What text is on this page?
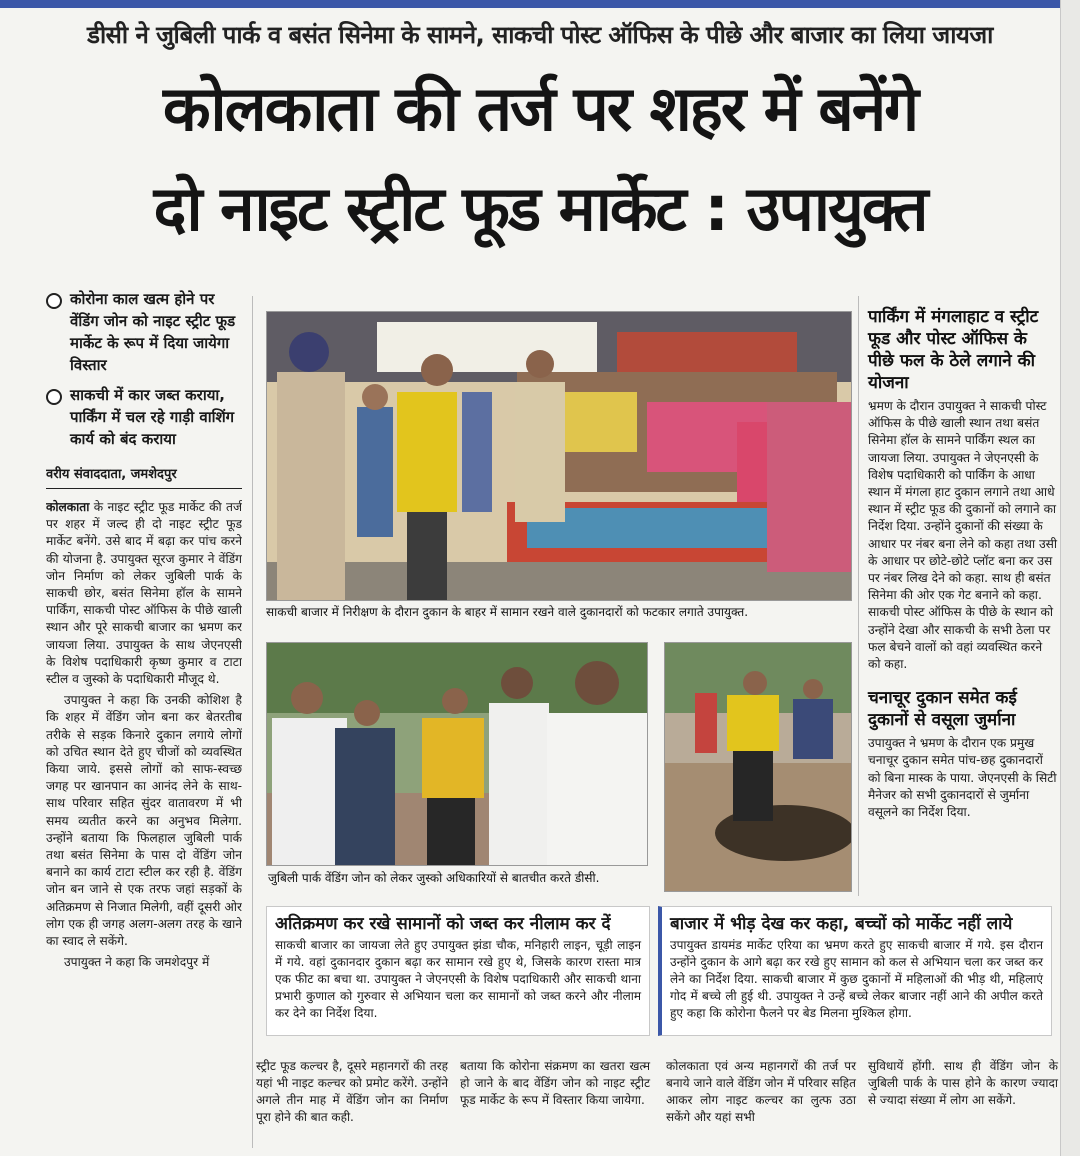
डीसी ने जुबिली पार्क व बसंत सिनेमा के सामने, साकची पोस्ट ऑफिस के पीछे और बाजार का लिया जायजा
कोलकाता की तर्ज पर शहर में बनेंगे
दो नाइट स्ट्रीट फूड मार्केट : उपायुक्त
कोरोना काल खत्म होने पर वेंडिंग जोन को नाइट स्ट्रीट फूड मार्केट के रूप में दिया जायेगा विस्तार
साकची में कार जब्त कराया, पार्किंग में चल रहे गाड़ी वाशिंग कार्य को बंद कराया
वरीय संवाददाता, जमशेदपुर

कोलकाता के नाइट स्ट्रीट फूड मार्केट की तर्ज पर शहर में जल्द ही दो नाइट स्ट्रीट फूड मार्केट बनेंगे. उसे बाद में बढ़ा कर पांच करने की योजना है. उपायुक्त सूरज कुमार ने वेंडिंग जोन निर्माण को लेकर जुबिली पार्क के साकची छोर, बसंत सिनेमा हॉल के सामने पार्किंग, साकची पोस्ट ऑफिस के पीछे खाली स्थान और पूरे साकची बाजार का भ्रमण कर जायजा लिया. उपायुक्त के साथ जेएनएसी के विशेष पदाधिकारी कृष्ण कुमार व टाटा स्टील व जुस्को के पदाधिकारी मौजूद थे.

उपायुक्त ने कहा कि उनकी कोशिश है कि शहर में वेंडिंग जोन बना कर बेतरतीब तरीके से सड़क किनारे दुकान लगाये लोगों को उचित स्थान देते हुए चीजों को व्यवस्थित किया जाये. इससे लोगों को साफ-स्वच्छ जगह पर खानपान का आनंद लेने के साथ-साथ परिवार सहित सुंदर वातावरण में भी समय व्यतीत करने का अनुभव मिलेगा. उन्होंने बताया कि फिलहाल जुबिली पार्क तथा बसंत सिनेमा के पास दो वेंडिंग जोन बनाने का कार्य टाटा स्टील कर रही है. वेंडिंग जोन बन जाने से एक तरफ जहां सड़कों के अतिक्रमण से निजात मिलेगी, वहीं दूसरी ओर लोग एक ही जगह अलग-अलग तरह के खाने का स्वाद ले सकेंगे.

उपायुक्त ने कहा कि जमशेदपुर में

साकची बाजार में निरीक्षण के दौरान दुकान के बाहर में सामान रखने वाले दुकानदारों को फटकार लगाते उपायुक्त.
जुबिली पार्क वेंडिंग जोन को लेकर जुस्को अधिकारियों से बातचीत करते डीसी.
पार्किंग में मंगलाहाट व स्ट्रीट फूड और पोस्ट ऑफिस के पीछे फल के ठेले लगाने की योजना

भ्रमण के दौरान उपायुक्त ने साकची पोस्ट ऑफिस के पीछे खाली स्थान तथा बसंत सिनेमा हॉल के सामने पार्किंग स्थल का जायजा लिया. उपायुक्त ने जेएनएसी के विशेष पदाधिकारी को पार्किंग के आधा स्थान में मंगला हाट दुकान लगाने तथा आधे स्थान में स्ट्रीट फूड की दुकानों को लगाने का निर्देश दिया. उन्होंने दुकानों की संख्या के आधार पर नंबर बना लेने को कहा तथा उसी के आधार पर छोटे-छोटे प्लॉट बना कर उस पर नंबर लिख देने को कहा. साथ ही बसंत सिनेमा की ओर एक गेट बनाने को कहा. साकची पोस्ट ऑफिस के पीछे के स्थान को उन्होंने देखा और साकची के सभी ठेला पर फल बेचने वालों को वहां व्यवस्थित करने को कहा.

चनाचूर दुकान समेत कई दुकानों से वसूला जुर्माना

उपायुक्त ने भ्रमण के दौरान एक प्रमुख चनाचूर दुकान समेत पांच-छह दुकानदारों को बिना मास्क के पाया. जेएनएसी के सिटी मैनेजर को सभी दुकानदारों से जुर्माना वसूलने का निर्देश दिया.

अतिक्रमण कर रखे सामानों को जब्त कर नीलाम कर दें

साकची बाजार का जायजा लेते हुए उपायुक्त झंडा चौक, मनिहारी लाइन, चूड़ी लाइन में गये. वहां दुकानदार दुकान बढ़ा कर सामान रखे हुए थे, जिसके कारण रास्ता मात्र एक फीट का बचा था. उपायुक्त ने जेएनएसी के विशेष पदाधिकारी और साकची थाना प्रभारी कुणाल को गुरुवार से अभियान चला कर सामानों को जब्त करने और नीलाम कर देने का निर्देश दिया.

बाजार में भीड़ देख कर कहा, बच्चों को मार्केट नहीं लाये

उपायुक्त डायमंड मार्केट एरिया का भ्रमण करते हुए साकची बाजार में गये. इस दौरान उन्होंने दुकान के आगे बढ़ा कर रखे हुए सामान को कल से अभियान चला कर जब्त कर लेने का निर्देश दिया. साकची बाजार में कुछ दुकानों में महिलाओं की भीड़ थी, महिलाएं गोद में बच्चे ली हुई थी. उपायुक्त ने उन्हें बच्चे लेकर बाजार नहीं आने की अपील करते हुए कहा कि कोरोना फैलने पर बेड मिलना मुश्किल होगा.

स्ट्रीट फूड कल्चर है, दूसरे महानगरों की तरह यहां भी नाइट कल्चर को प्रमोट करेंगे. उन्होंने अगले तीन माह में वेंडिंग जोन का निर्माण पूरा होने की बात कही.
बताया कि कोरोना संक्रमण का खतरा खत्म हो जाने के बाद वेंडिंग जोन को नाइट स्ट्रीट फूड मार्केट के रूप में विस्तार किया जायेगा.
कोलकाता एवं अन्य महानगरों की तर्ज पर बनाये जाने वाले वेंडिंग जोन में परिवार सहित आकर लोग नाइट कल्चर का लुत्फ उठा सकेंगे और यहां सभी
सुविधायें होंगी. साथ ही वेंडिंग जोन के जुबिली पार्क के पास होने के कारण ज्यादा से ज्यादा संख्या में लोग आ सकेंगे.
